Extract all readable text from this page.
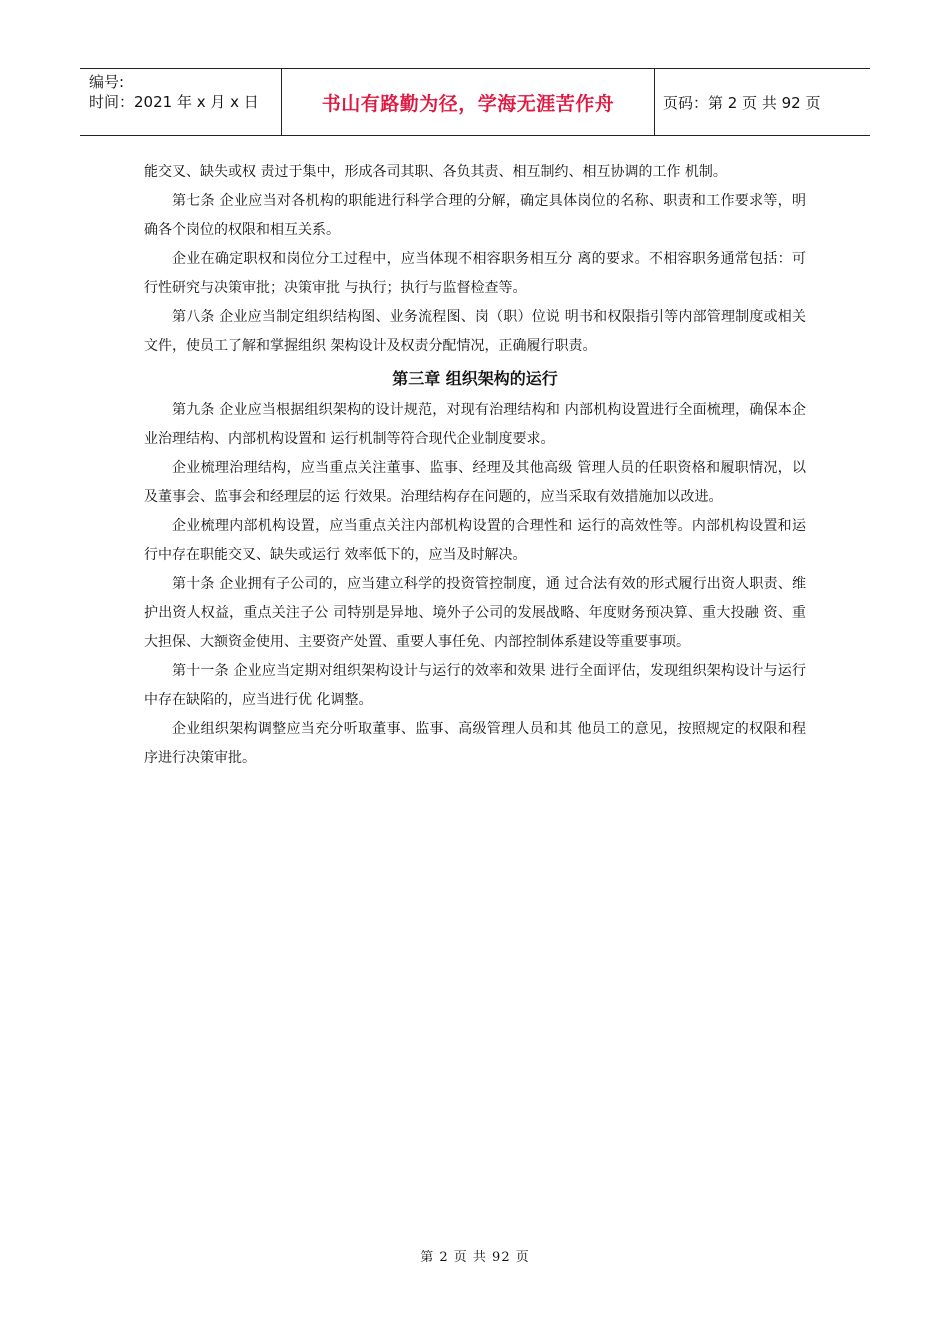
编号:
时间：2021 年 x 月 x 日	书山有路勤为径，学海无涯苦作舟	页码：第 2 页 共 92 页

能交叉、缺失或权 责过于集中，形成各司其职、各负其责、相互制约、相互协调的工作 机制。

第七条 企业应当对各机构的职能进行科学合理的分解，确定具体岗位的名称、职责和工作要求等，明确各个岗位的权限和相互关系。

企业在确定职权和岗位分工过程中，应当体现不相容职务相互分 离的要求。不相容职务通常包括：可行性研究与决策审批；决策审批 与执行；执行与监督检查等。

第八条 企业应当制定组织结构图、业务流程图、岗（职）位说 明书和权限指引等内部管理制度或相关文件，使员工了解和掌握组织 架构设计及权责分配情况，正确履行职责。

第三章 组织架构的运行

第九条 企业应当根据组织架构的设计规范，对现有治理结构和 内部机构设置进行全面梳理，确保本企业治理结构、内部机构设置和 运行机制等符合现代企业制度要求。

企业梳理治理结构，应当重点关注董事、监事、经理及其他高级 管理人员的任职资格和履职情况，以及董事会、监事会和经理层的运 行效果。治理结构存在问题的，应当采取有效措施加以改进。

企业梳理内部机构设置，应当重点关注内部机构设置的合理性和 运行的高效性等。内部机构设置和运行中存在职能交叉、缺失或运行 效率低下的，应当及时解决。

第十条 企业拥有子公司的，应当建立科学的投资管控制度，通 过合法有效的形式履行出资人职责、维护出资人权益，重点关注子公 司特别是异地、境外子公司的发展战略、年度财务预决算、重大投融 资、重大担保、大额资金使用、主要资产处置、重要人事任免、内部控制体系建设等重要事项。

第十一条 企业应当定期对组织架构设计与运行的效率和效果 进行全面评估，发现组织架构设计与运行中存在缺陷的，应当进行优 化调整。

企业组织架构调整应当充分听取董事、监事、高级管理人员和其 他员工的意见，按照规定的权限和程序进行决策审批。

第 2 页 共 92 页
